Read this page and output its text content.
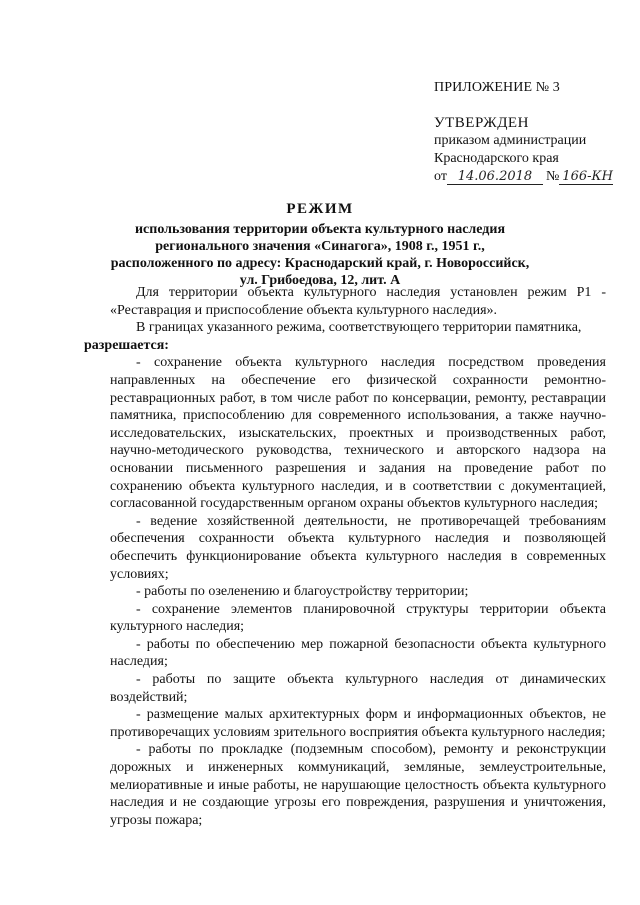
ПРИЛОЖЕНИЕ № 3
УТВЕРЖДЕН
приказом администрации
Краснодарского края
от 14.06.2018 № 166-КН
РЕЖИМ
использования территории объекта культурного наследия регионального значения «Синагога», 1908 г., 1951 г., расположенного по адресу: Краснодарский край, г. Новороссийск, ул. Грибоедова, 12, лит. А

Для территории объекта культурного наследия установлен режим Р1 - «Реставрация и приспособление объекта культурного наследия».

В границах указанного режима, соответствующего территории памятника,
разрешается:

- сохранение объекта культурного наследия посредством проведения направленных на обеспечение его физической сохранности ремонтно-реставрационных работ, в том числе работ по консервации, ремонту, реставрации памятника, приспособлению для современного использования, а также научно-исследовательских, изыскательских, проектных и производственных работ, научно-методического руководства, технического и авторского надзора на основании письменного разрешения и задания на проведение работ по сохранению объекта культурного наследия, и в соответствии с документацией, согласованной государственным органом охраны объектов культурного наследия;

- ведение хозяйственной деятельности, не противоречащей требованиям обеспечения сохранности объекта культурного наследия и позволяющей обеспечить функционирование объекта культурного наследия в современных условиях;

- работы по озеленению и благоустройству территории;

- сохранение элементов планировочной структуры территории объекта культурного наследия;

- работы по обеспечению мер пожарной безопасности объекта культурного наследия;

- работы по защите объекта культурного наследия от динамических воздействий;

- размещение малых архитектурных форм и информационных объектов, не противоречащих условиям зрительного восприятия объекта культурного наследия;

- работы по прокладке (подземным способом), ремонту и реконструкции дорожных и инженерных коммуникаций, земляные, землеустроительные, мелиоративные и иные работы, не нарушающие целостность объекта культурного наследия и не создающие угрозы его повреждения, разрушения и уничтожения, угрозы пожара;
